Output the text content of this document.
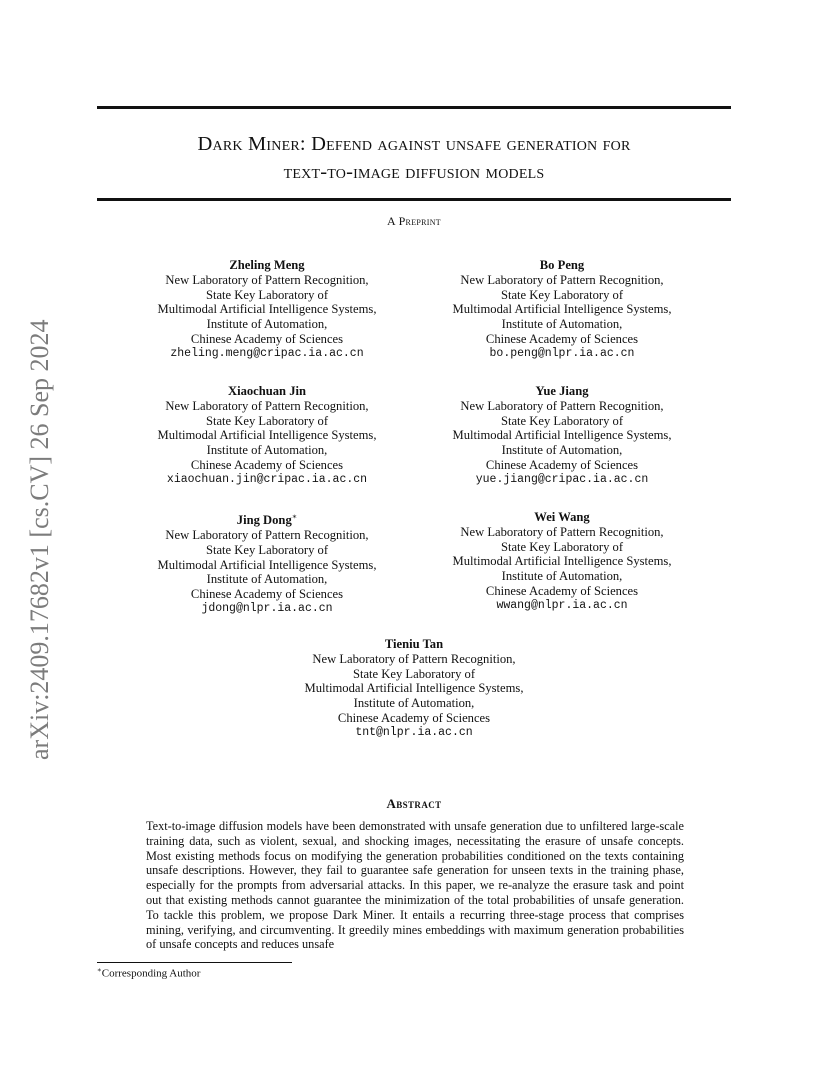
arXiv:2409.17682v1 [cs.CV] 26 Sep 2024
Dark Miner: Defend against unsafe generation for
text-to-image diffusion models
A Preprint
Zheling Meng
New Laboratory of Pattern Recognition,
State Key Laboratory of
Multimodal Artificial Intelligence Systems,
Institute of Automation,
Chinese Academy of Sciences
zheling.meng@cripac.ia.ac.cn
Bo Peng
New Laboratory of Pattern Recognition,
State Key Laboratory of
Multimodal Artificial Intelligence Systems,
Institute of Automation,
Chinese Academy of Sciences
bo.peng@nlpr.ia.ac.cn
Xiaochuan Jin
New Laboratory of Pattern Recognition,
State Key Laboratory of
Multimodal Artificial Intelligence Systems,
Institute of Automation,
Chinese Academy of Sciences
xiaochuan.jin@cripac.ia.ac.cn
Yue Jiang
New Laboratory of Pattern Recognition,
State Key Laboratory of
Multimodal Artificial Intelligence Systems,
Institute of Automation,
Chinese Academy of Sciences
yue.jiang@cripac.ia.ac.cn
Jing Dong∗
New Laboratory of Pattern Recognition,
State Key Laboratory of
Multimodal Artificial Intelligence Systems,
Institute of Automation,
Chinese Academy of Sciences
jdong@nlpr.ia.ac.cn
Wei Wang
New Laboratory of Pattern Recognition,
State Key Laboratory of
Multimodal Artificial Intelligence Systems,
Institute of Automation,
Chinese Academy of Sciences
wwang@nlpr.ia.ac.cn
Tieniu Tan
New Laboratory of Pattern Recognition,
State Key Laboratory of
Multimodal Artificial Intelligence Systems,
Institute of Automation,
Chinese Academy of Sciences
tnt@nlpr.ia.ac.cn
Abstract

Text-to-image diffusion models have been demonstrated with unsafe generation due to unfiltered large-scale training data, such as violent, sexual, and shocking images, necessitating the erasure of unsafe concepts. Most existing methods focus on modifying the generation probabilities conditioned on the texts containing unsafe descriptions. However, they fail to guarantee safe generation for unseen texts in the training phase, especially for the prompts from adversarial attacks. In this paper, we re-analyze the erasure task and point out that existing methods cannot guarantee the minimization of the total probabilities of unsafe generation. To tackle this problem, we propose Dark Miner. It entails a recurring three-stage process that comprises mining, verifying, and circumventing. It greedily mines embeddings with maximum generation probabilities of unsafe concepts and reduces unsafe

∗Corresponding Author
